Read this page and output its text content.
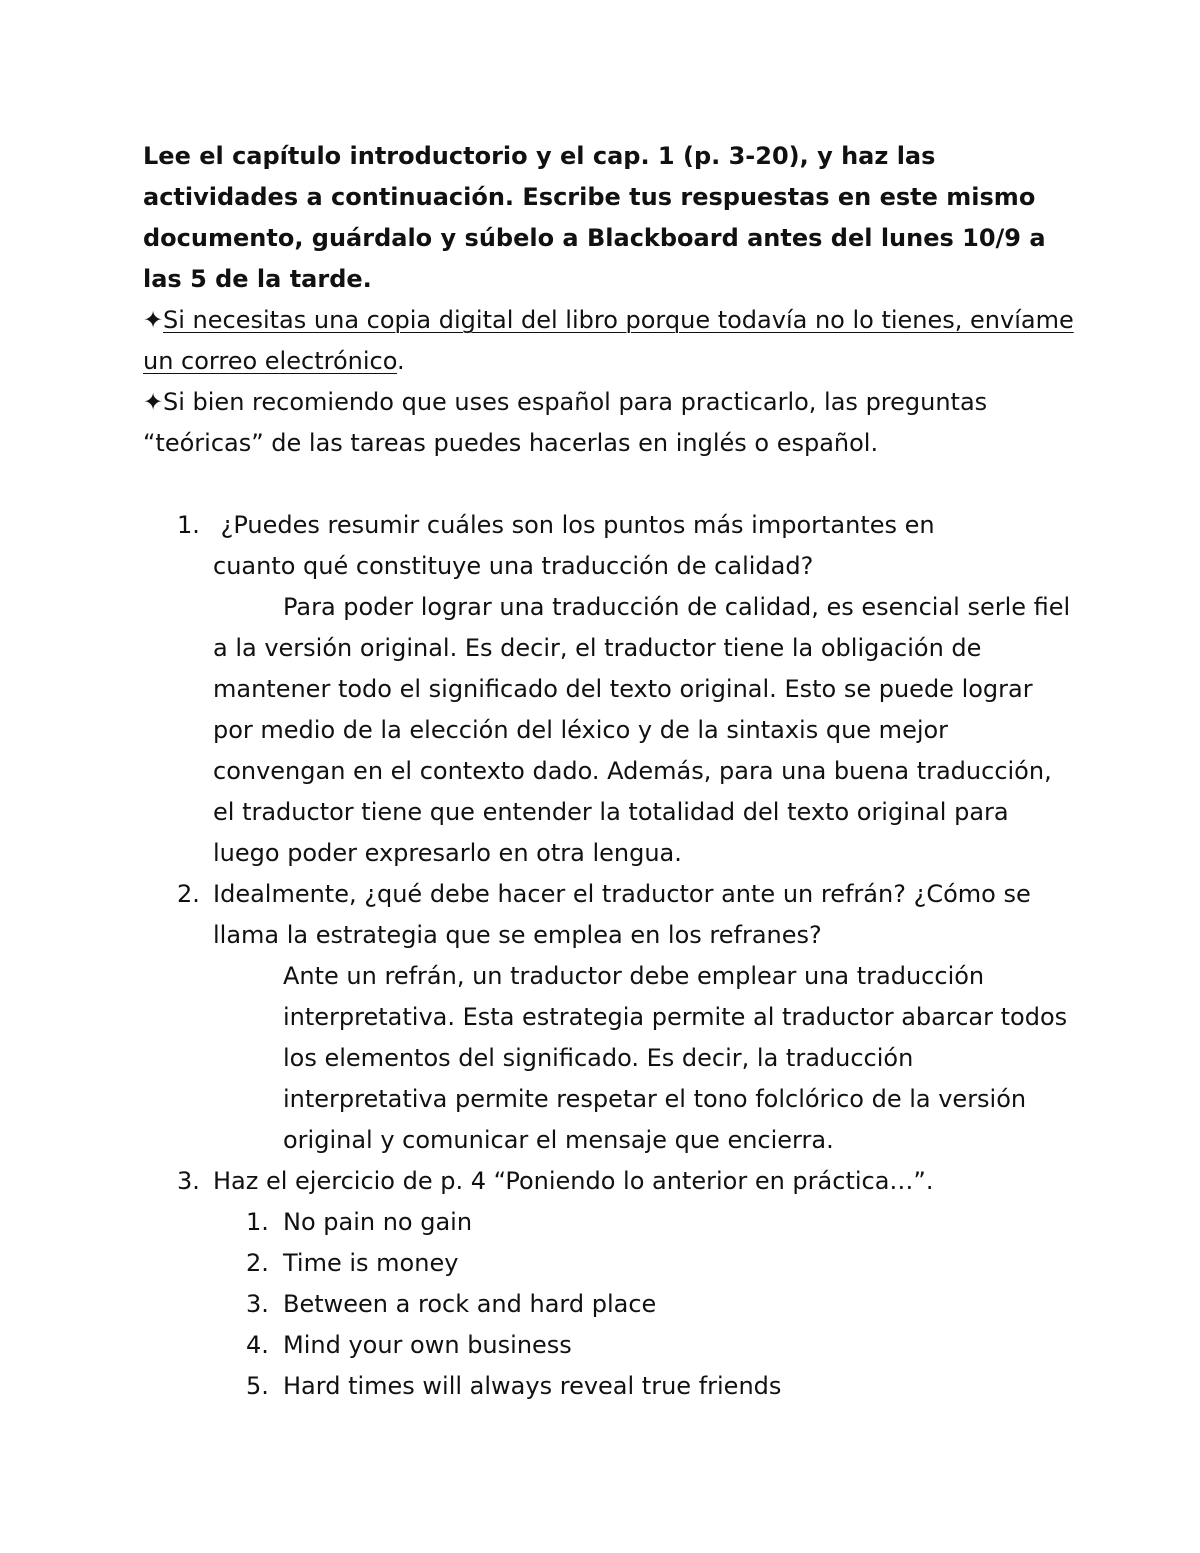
Lee el capítulo introductorio y el cap. 1 (p. 3-20), y haz las
actividades a continuación. Escribe tus respuestas en este mismo
documento, guárdalo y súbelo a Blackboard antes del lunes 10/9 a
las 5 de la tarde.
✦Si necesitas una copia digital del libro porque todavía no lo tienes, envíame
un correo electrónico.
✦Si bien recomiendo que uses español para practicarlo, las preguntas
“teóricas” de las tareas puedes hacerlas en inglés o español.
1. ¿Puedes resumir cuáles son los puntos más importantes en
cuanto qué constituye una traducción de calidad?
Para poder lograr una traducción de calidad, es esencial serle fiel
a la versión original. Es decir, el traductor tiene la obligación de
mantener todo el significado del texto original. Esto se puede lograr
por medio de la elección del léxico y de la sintaxis que mejor
convengan en el contexto dado. Además, para una buena traducción,
el traductor tiene que entender la totalidad del texto original para
luego poder expresarlo en otra lengua.
2. Idealmente, ¿qué debe hacer el traductor ante un refrán? ¿Cómo se
llama la estrategia que se emplea en los refranes?
Ante un refrán, un traductor debe emplear una traducción
interpretativa. Esta estrategia permite al traductor abarcar todos
los elementos del significado. Es decir, la traducción
interpretativa permite respetar el tono folclórico de la versión
original y comunicar el mensaje que encierra.
3. Haz el ejercicio de p. 4 “Poniendo lo anterior en práctica…”.
1. No pain no gain
2. Time is money
3. Between a rock and hard place
4. Mind your own business
5. Hard times will always reveal true friends
